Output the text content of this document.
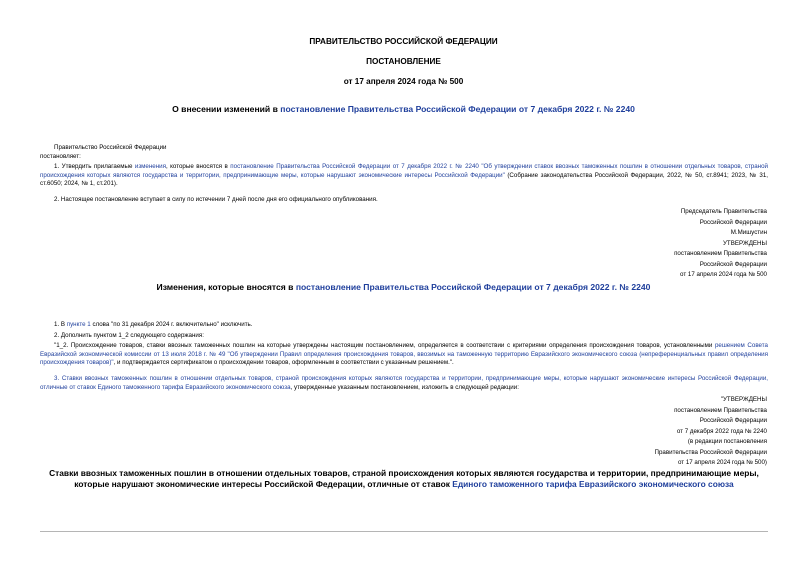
ПРАВИТЕЛЬСТВО РОССИЙСКОЙ ФЕДЕРАЦИИ
ПОСТАНОВЛЕНИЕ
от 17 апреля 2024 года № 500
О внесении изменений в постановление Правительства Российской Федерации от 7 декабря 2022 г. № 2240
Правительство Российской Федерации
постановляет:
1. Утвердить прилагаемые изменения, которые вносятся в постановление Правительства Российской Федерации от 7 декабря 2022 г. № 2240 "Об утверждении ставок ввозных таможенных пошлин в отношении отдельных товаров, страной происхождения которых являются государства и территории, предпринимающие меры, которые нарушают экономические интересы Российской Федерации" (Собрание законодательства Российской Федерации, 2022, № 50, ст.8941; 2023, № 31, ст.6050; 2024, № 1, ст.201).
2. Настоящее постановление вступает в силу по истечении 7 дней после дня его официального опубликования.
Председатель Правительства
Российской Федерации
М.Мишустин
УТВЕРЖДЕНЫ
постановлением Правительства
Российской Федерации
от 17 апреля 2024 года № 500
Изменения, которые вносятся в постановление Правительства Российской Федерации от 7 декабря 2022 г. № 2240
1. В пункте 1 слова "по 31 декабря 2024 г. включительно" исключить.
2. Дополнить пунктом 1_2 следующего содержания:
"1_2. Происхождение товаров, ставки ввозных таможенных пошлин на которые утверждены настоящим постановлением, определяется в соответствии с критериями определения происхождения товаров, установленными решением Совета Евразийской экономической комиссии от 13 июля 2018 г. № 49 "Об утверждении Правил определения происхождения товаров, ввозимых на таможенную территорию Евразийского экономического союза (непреференциальных правил определения происхождения товаров)", и подтверждается сертификатом о происхождении товаров, оформленным в соответствии с указанным решением.".
3. Ставки ввозных таможенных пошлин в отношении отдельных товаров, страной происхождения которых являются государства и территории, предпринимающие меры, которые нарушают экономические интересы Российской Федерации, отличные от ставок Единого таможенного тарифа Евразийского экономического союза, утвержденные указанным постановлением, изложить в следующей редакции:
"УТВЕРЖДЕНЫ
постановлением Правительства
Российской Федерации
от 7 декабря 2022 года № 2240
(в редакции постановления
Правительства Российской Федерации
от 17 апреля 2024 года № 500)
Ставки ввозных таможенных пошлин в отношении отдельных товаров, страной происхождения которых являются государства и территории, предпринимающие меры, которые нарушают экономические интересы Российской Федерации, отличные от ставок Единого таможенного тарифа Евразийского экономического союза
